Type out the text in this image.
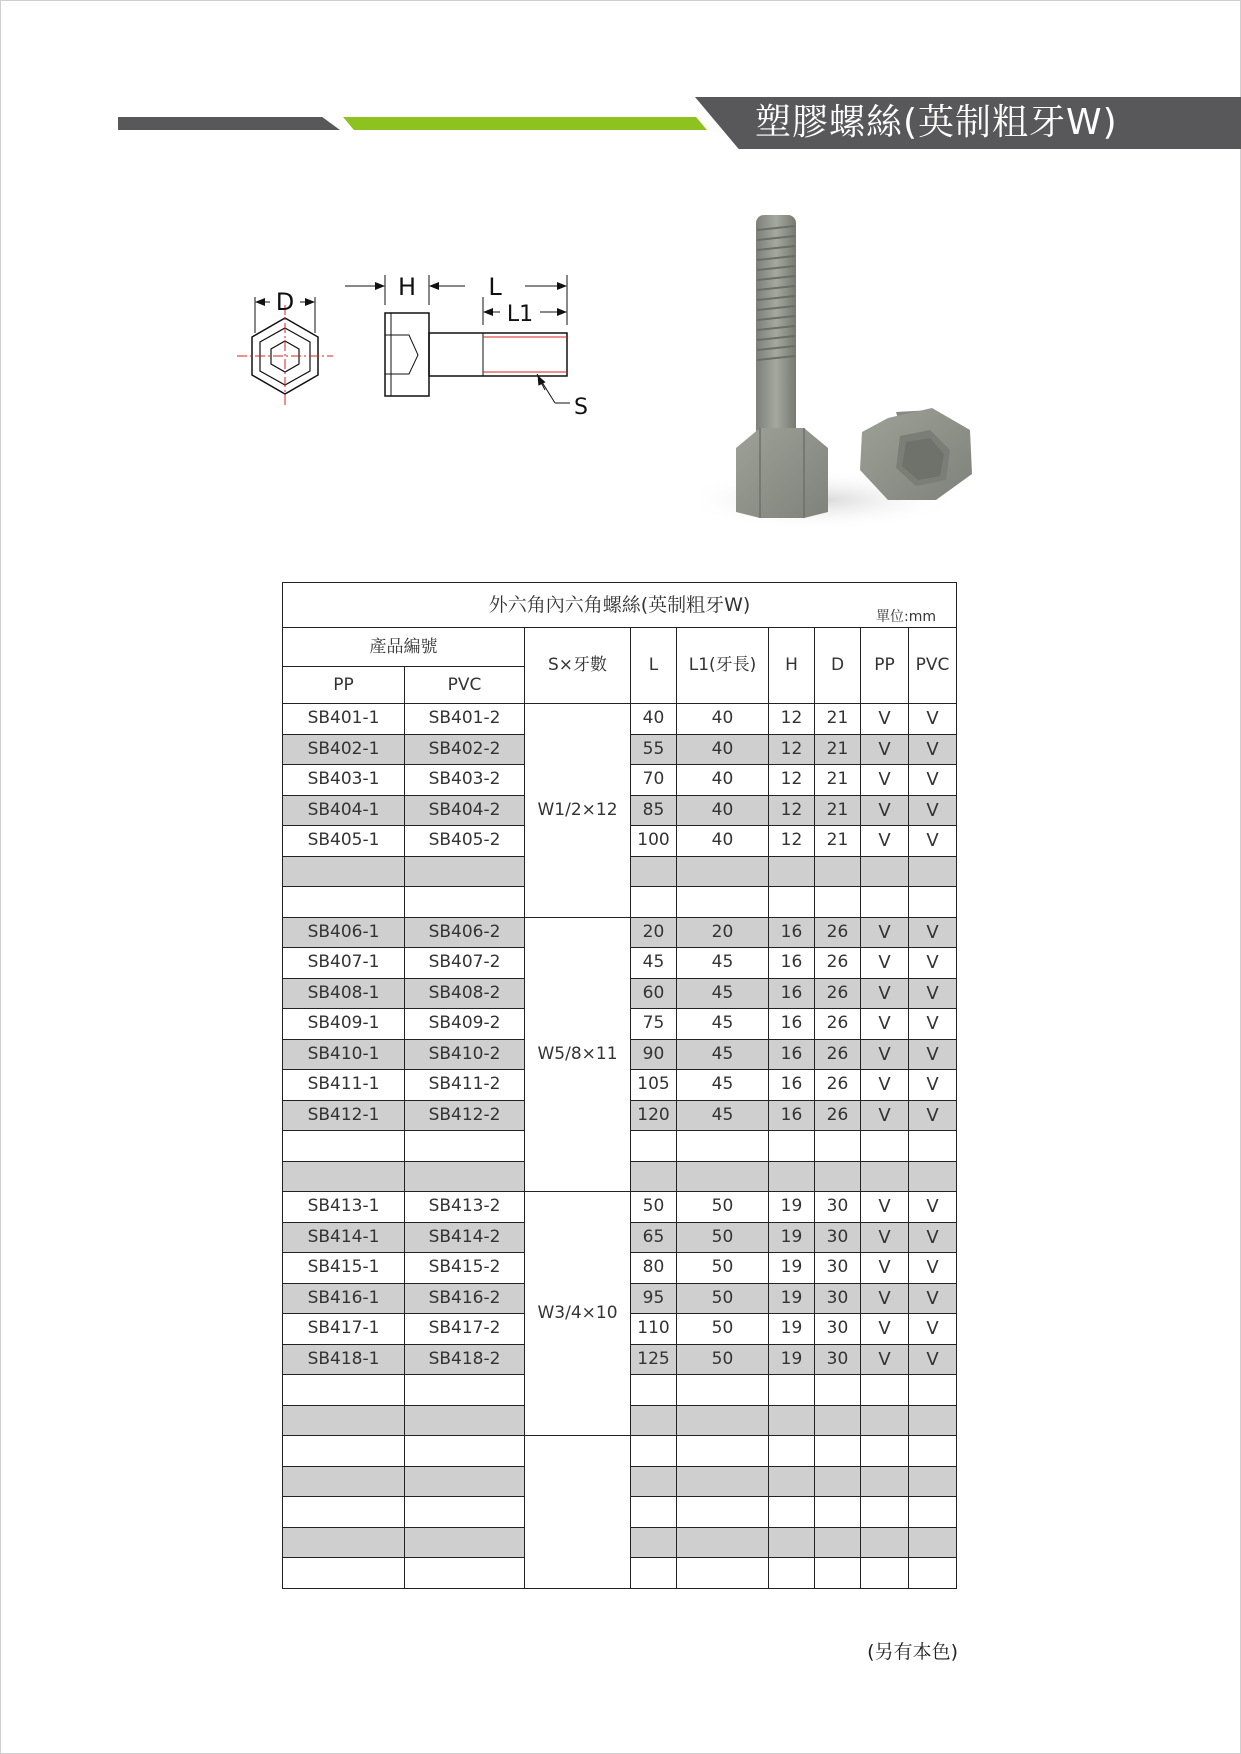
塑膠螺絲(英制粗牙W)
D
H	L
L1
S
外六角內六角螺絲(英制粗牙W)
單位:mm								

產品編號		S×牙數	L	L1(牙長)	H	D	PP	PVC
PP	PVC							
SB401-1	SB401-2	W1/2×12	40	40	12	21	V	V
SB402-1	SB402-2		55	40	12	21	V	V
SB403-1	SB403-2		70	40	12	21	V	V
SB404-1	SB404-2		85	40	12	21	V	V
SB405-1	SB405-2		100	40	12	21	V	V

SB406-1	SB406-2	W5/8×11	20	20	16	26	V	V
SB407-1	SB407-2		45	45	16	26	V	V
SB408-1	SB408-2		60	45	16	26	V	V
SB409-1	SB409-2		75	45	16	26	V	V
SB410-1	SB410-2		90	45	16	26	V	V
SB411-1	SB411-2		105	45	16	26	V	V
SB412-1	SB412-2		120	45	16	26	V	V

SB413-1	SB413-2	W3/4×10	50	50	19	30	V	V
SB414-1	SB414-2		65	50	19	30	V	V
SB415-1	SB415-2		80	50	19	30	V	V
SB416-1	SB416-2		95	50	19	30	V	V
SB417-1	SB417-2		110	50	19	30	V	V
SB418-1	SB418-2		125	50	19	30	V	V

(另有本色)
